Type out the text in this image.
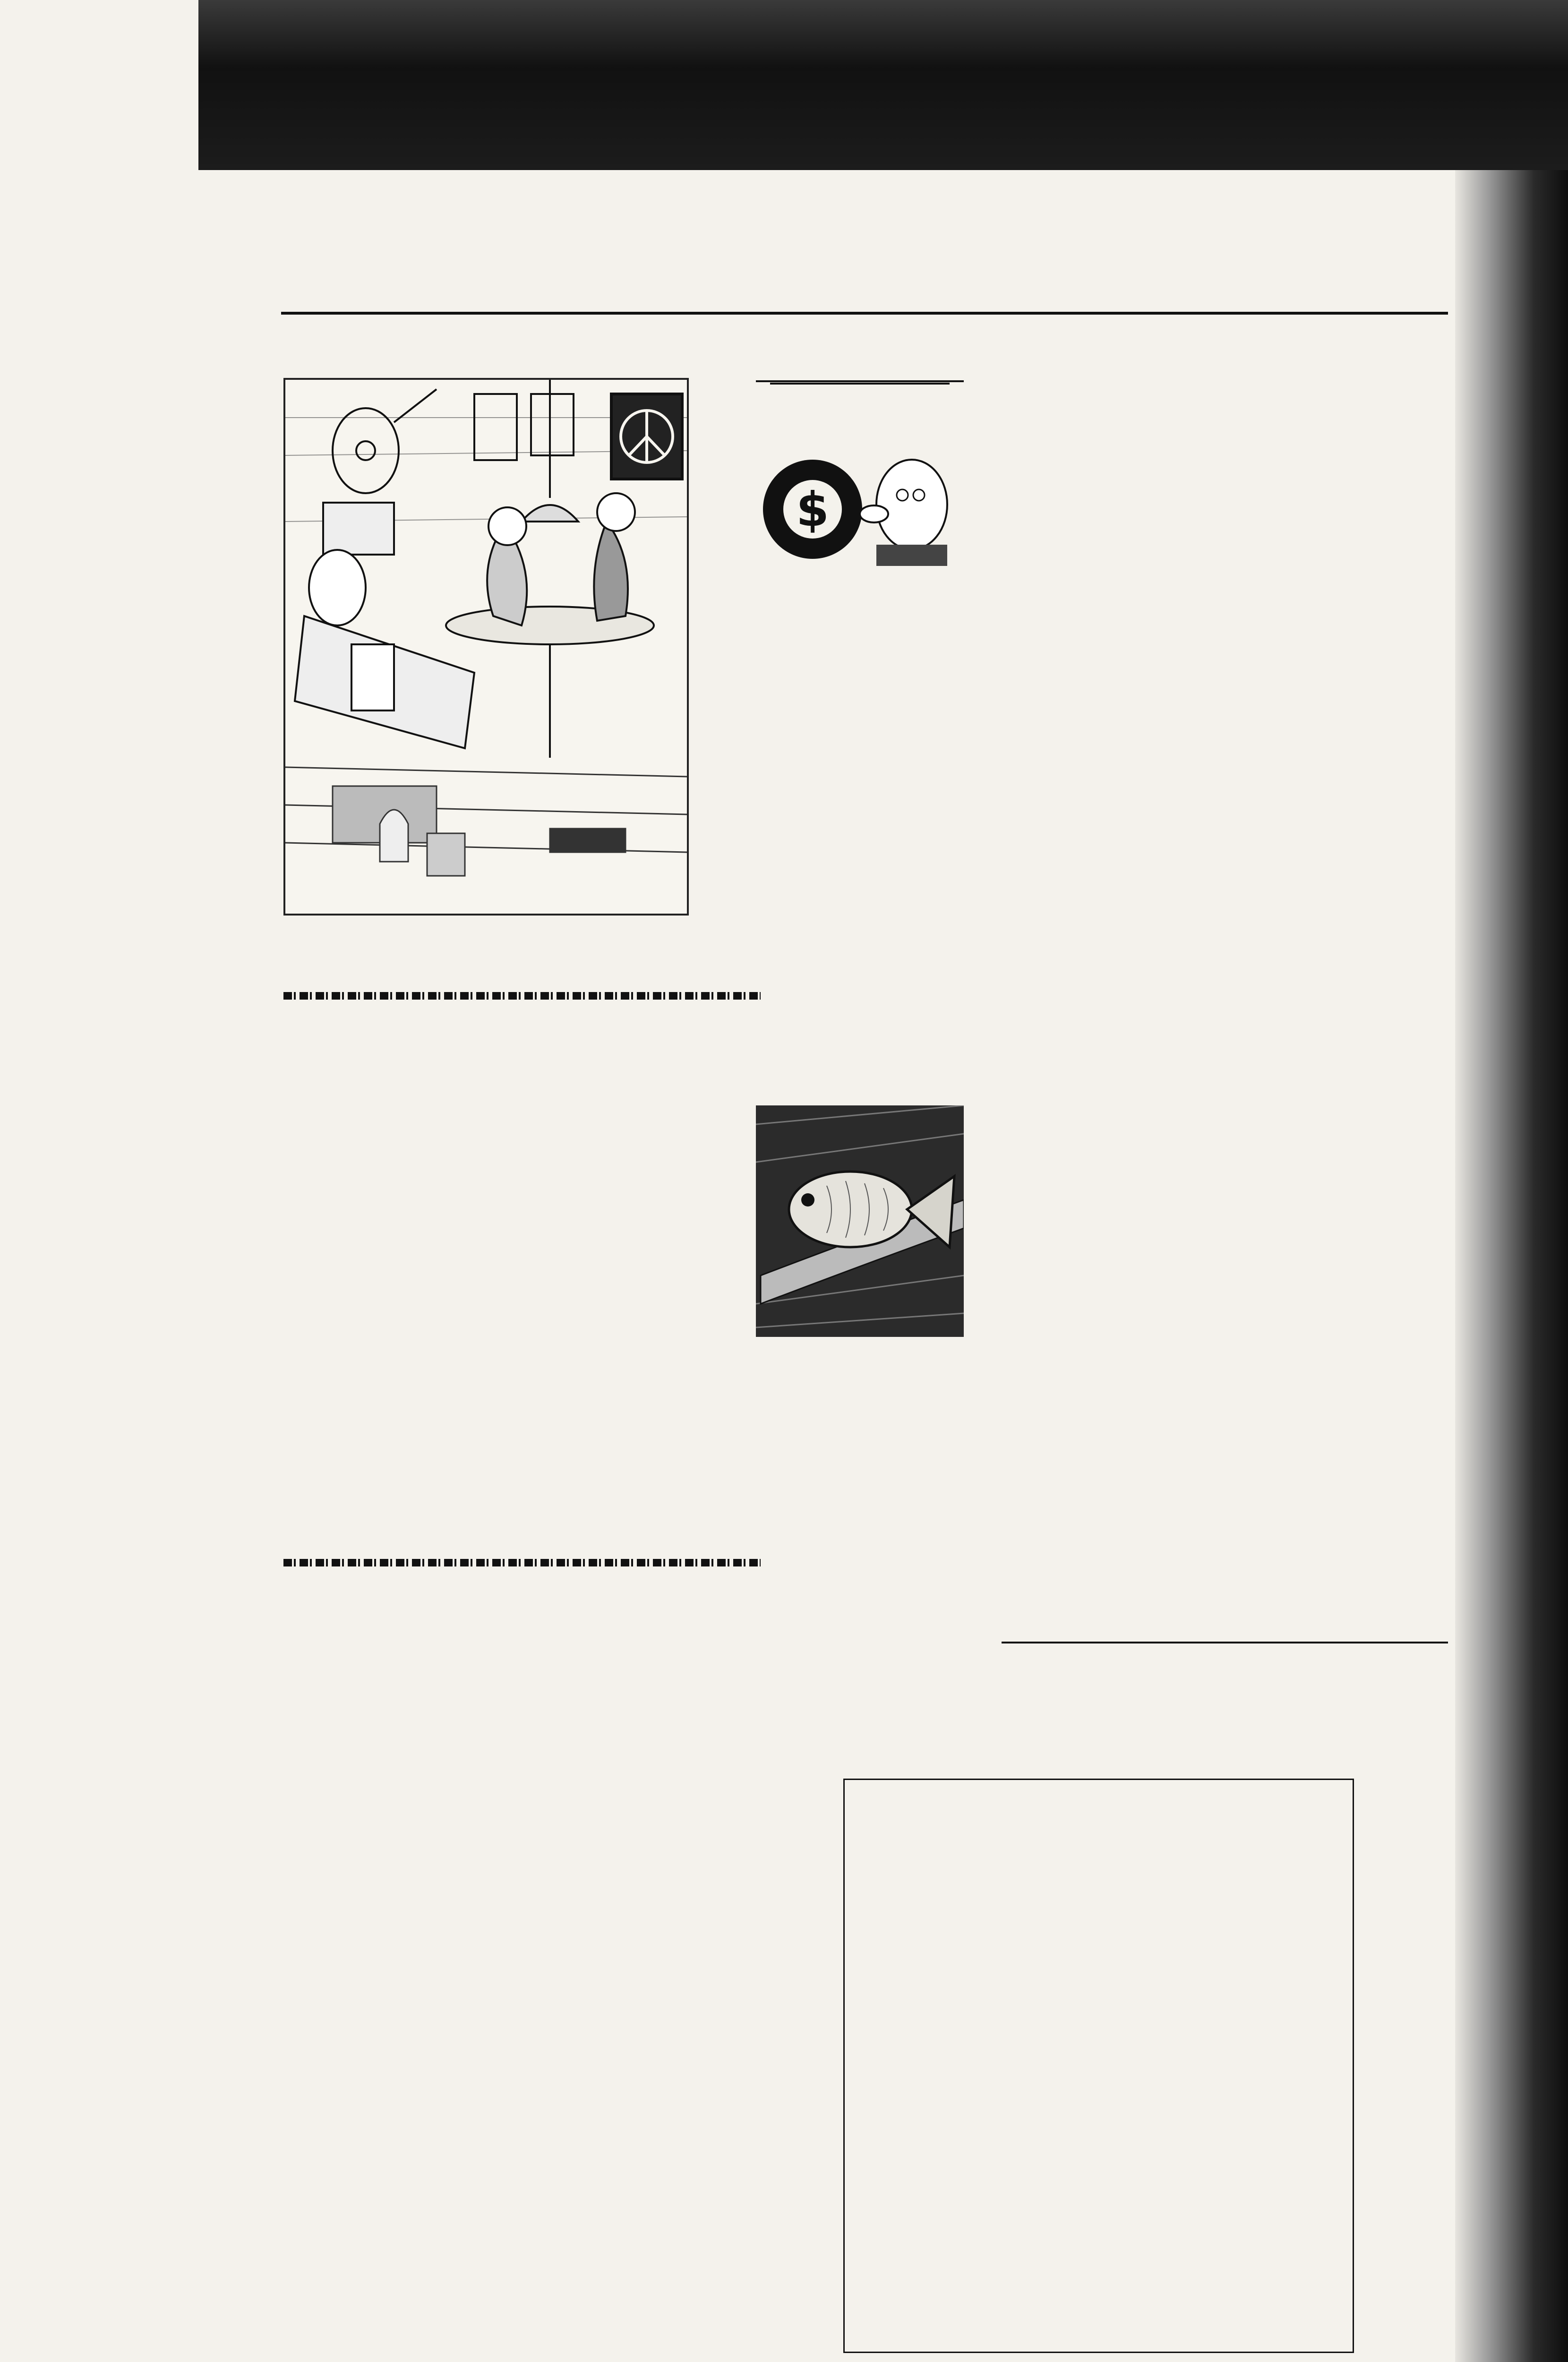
$
